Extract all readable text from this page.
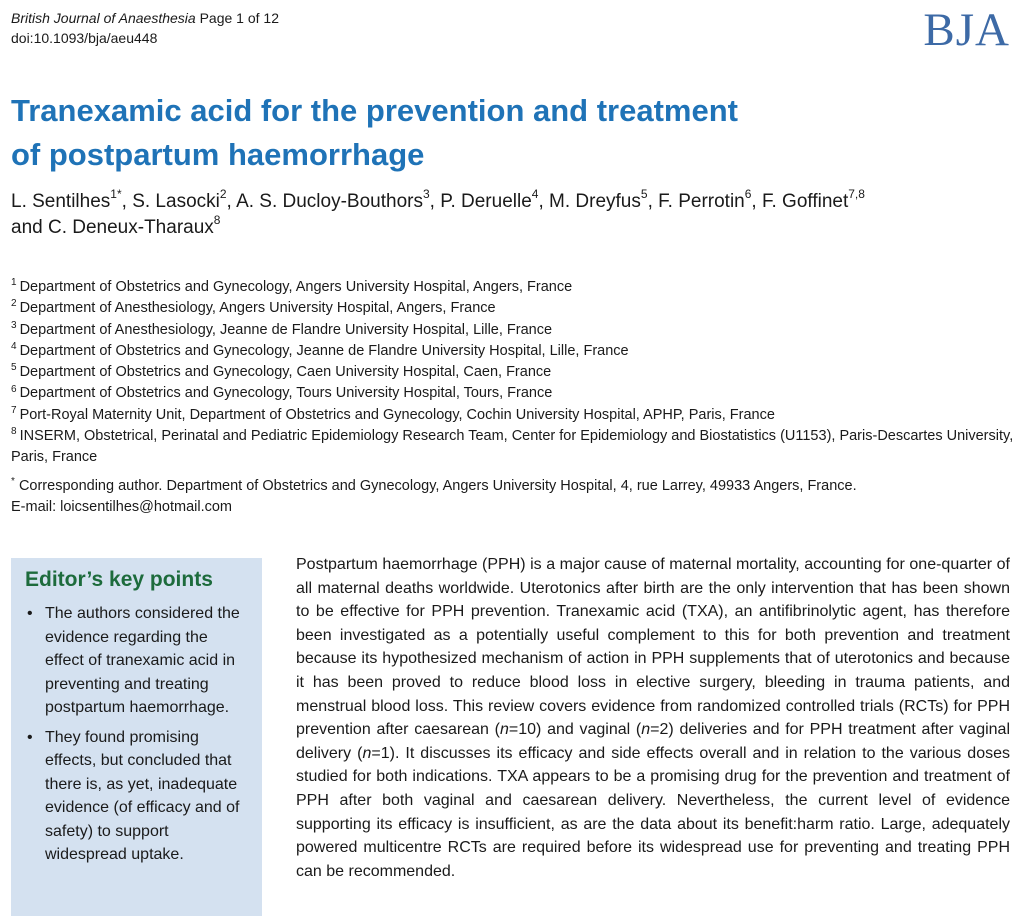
British Journal of Anaesthesia Page 1 of 12
doi:10.1093/bja/aeu448	BJA
Tranexamic acid for the prevention and treatment
of postpartum haemorrhage
L. Sentilhes$^{1*}$, S. Lasocki$^2$, A. S. Ducloy-Bouthors$^3$, P. Deruelle$^4$, M. Dreyfus$^5$, F. Perrotin$^6$, F. Goffinet$^{7,8}$
and C. Deneux-Tharaux$^8$
$^1$ Department of Obstetrics and Gynecology, Angers University Hospital, Angers, France
$^2$ Department of Anesthesiology, Angers University Hospital, Angers, France
$^3$ Department of Anesthesiology, Jeanne de Flandre University Hospital, Lille, France
$^4$ Department of Obstetrics and Gynecology, Jeanne de Flandre University Hospital, Lille, France
$^5$ Department of Obstetrics and Gynecology, Caen University Hospital, Caen, France
$^6$ Department of Obstetrics and Gynecology, Tours University Hospital, Tours, France
$^7$ Port-Royal Maternity Unit, Department of Obstetrics and Gynecology, Cochin University Hospital, APHP, Paris, France
$^8$ INSERM, Obstetrical, Perinatal and Pediatric Epidemiology Research Team, Center for Epidemiology and Biostatistics (U1153), Paris-Descartes University, Paris, France
* Corresponding author. Department of Obstetrics and Gynecology, Angers University Hospital, 4, rue Larrey, 49933 Angers, France.
E-mail: loicsentilhes@hotmail.com
Editor’s key points
• The authors considered the evidence regarding the effect of tranexamic acid in preventing and treating postpartum haemorrhage.
• They found promising effects, but concluded that there is, as yet, inadequate evidence (of efficacy and of safety) to support widespread uptake.

Postpartum haemorrhage (PPH) is a major cause of maternal mortality, accounting for one-quarter of all maternal deaths worldwide. Uterotonics after birth are the only intervention that has been shown to be effective for PPH prevention. Tranexamic acid (TXA), an antifibrinolytic agent, has therefore been investigated as a potentially useful complement to this for both prevention and treatment because its hypothesized mechanism of action in PPH supplements that of uterotonics and because it has been proved to reduce blood loss in elective surgery, bleeding in trauma patients, and menstrual blood loss. This review covers evidence from randomized controlled trials (RCTs) for PPH prevention after caesarean (n=10) and vaginal (n=2) deliveries and for PPH treatment after vaginal delivery (n=1). It discusses its efficacy and side effects overall and in relation to the various doses studied for both indications. TXA appears to be a promising drug for the prevention and treatment of PPH after both vaginal and caesarean delivery. Nevertheless, the current level of evidence supporting its efficacy is insufficient, as are the data about its benefit:harm ratio. Large, adequately powered multicentre RCTs are required before its widespread use for preventing and treating PPH can be recommended.
